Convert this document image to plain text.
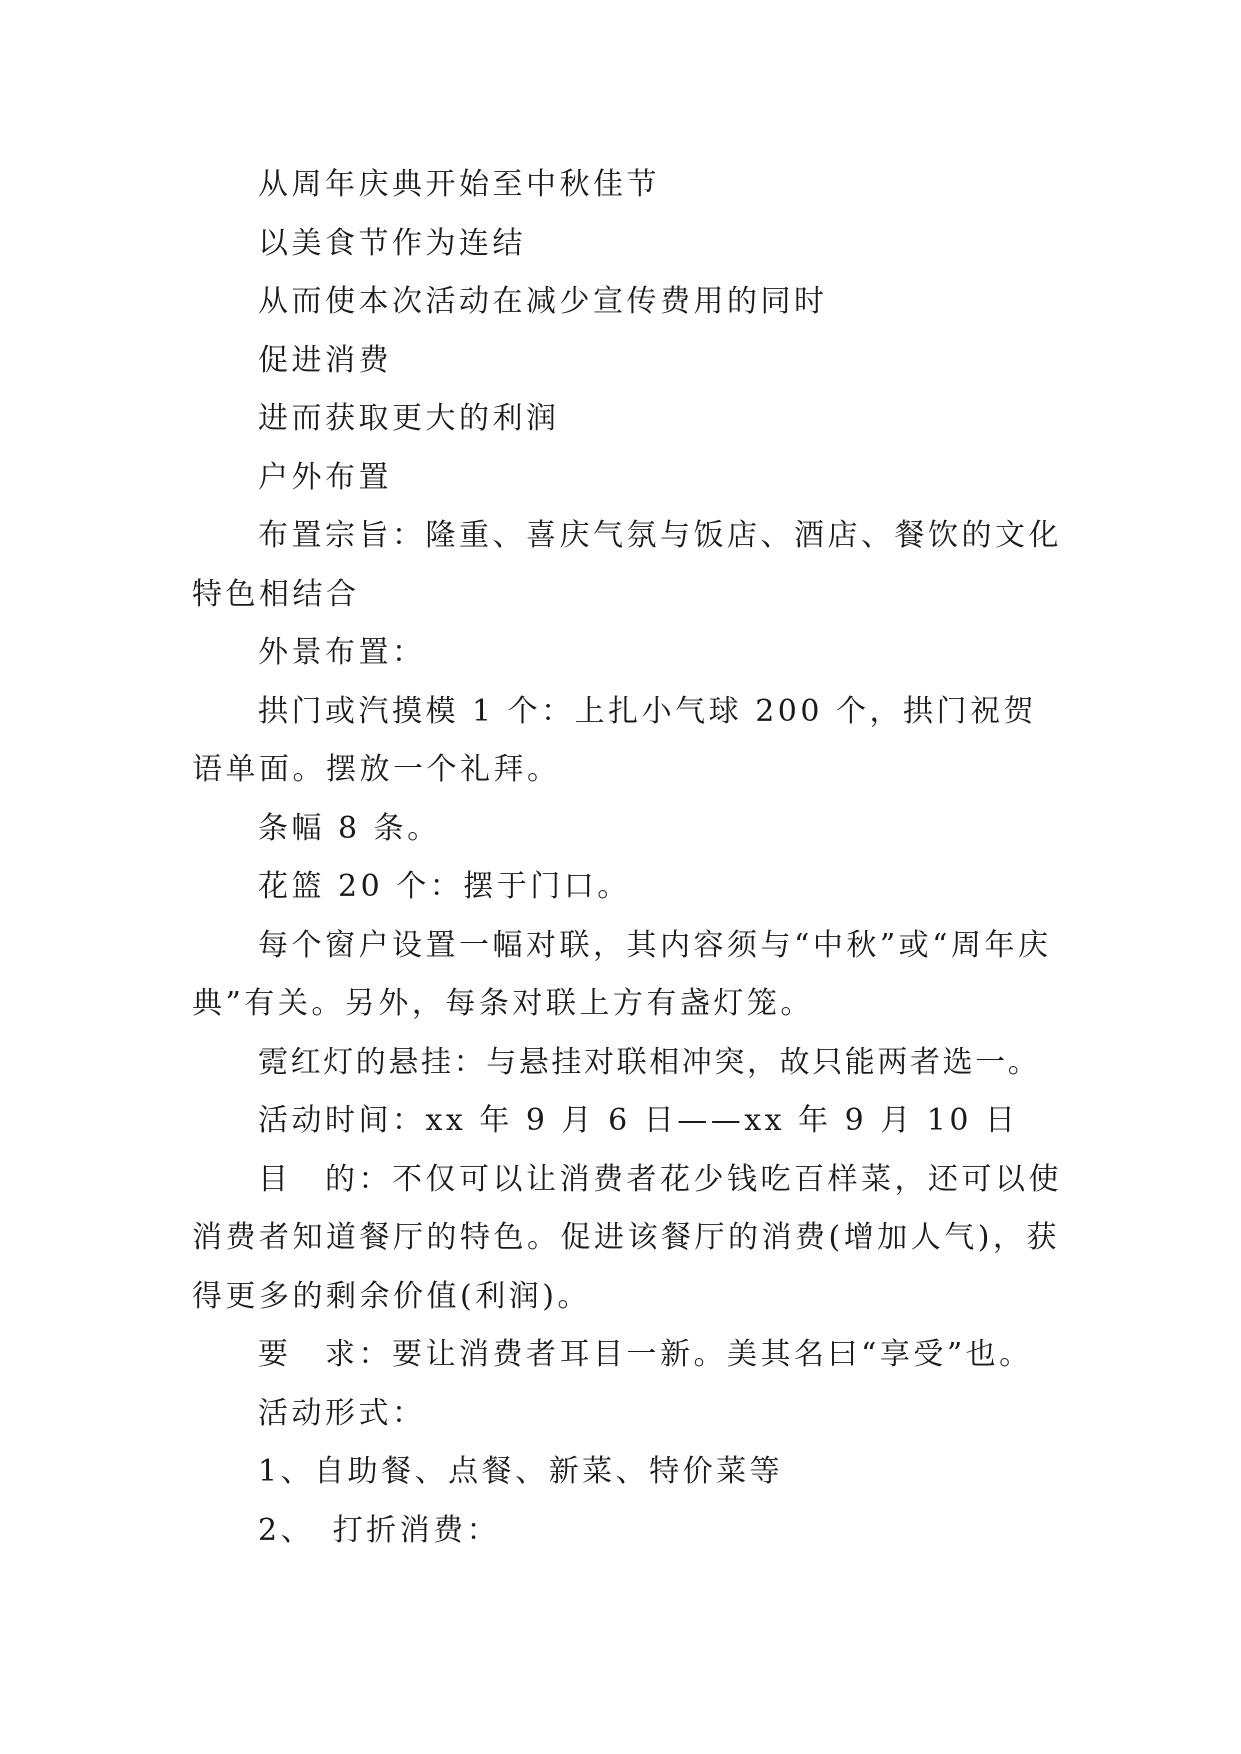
从周年庆典开始至中秋佳节

以美食节作为连结

从而使本次活动在减少宣传费用的同时

促进消费

进而获取更大的利润

户外布置

布置宗旨：隆重、喜庆气氛与饭店、酒店、餐饮的文化特色相结合

外景布置：

拱门或汽摸模 1 个：上扎小气球 200 个，拱门祝贺语单面。摆放一个礼拜。

条幅 8 条。

花篮 20 个：摆于门口。

每个窗户设置一幅对联，其内容须与“中秋”或“周年庆典”有关。另外，每条对联上方有盏灯笼。

霓红灯的悬挂：与悬挂对联相冲突，故只能两者选一。

活动时间：xx 年 9 月 6 日——xx 年 9 月 10 日

目　的：不仅可以让消费者花少钱吃百样菜，还可以使消费者知道餐厅的特色。促进该餐厅的消费(增加人气)，获得更多的剩余价值(利润)。

要　求：要让消费者耳目一新。美其名曰“享受”也。

活动形式：

1、自助餐、点餐、新菜、特价菜等

2、　打折消费：
